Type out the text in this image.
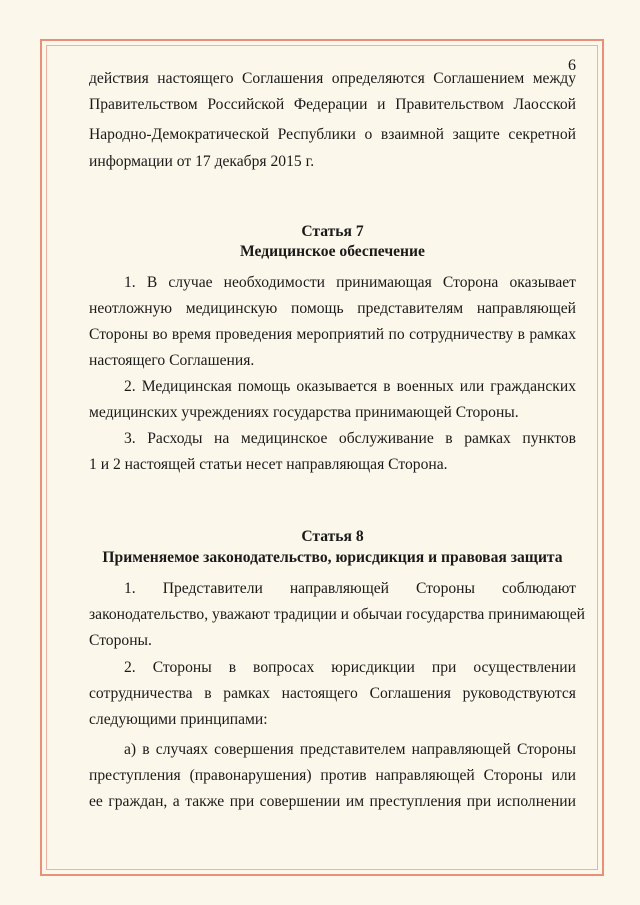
6
действия настоящего Соглашения определяются Соглашением между
Правительством Российской Федерации и Правительством Лаосской
Народно-Демократической Республики о взаимной защите секретной
информации от 17 декабря 2015 г.
Статья 7
Медицинское обеспечение
1. В случае необходимости принимающая Сторона оказывает
неотложную медицинскую помощь представителям направляющей
Стороны во время проведения мероприятий по сотрудничеству в рамках
настоящего Соглашения.
2. Медицинская помощь оказывается в военных или гражданских
медицинских учреждениях государства принимающей Стороны.
3. Расходы на медицинское обслуживание в рамках пунктов
1 и 2 настоящей статьи несет направляющая Сторона.
Статья 8
Применяемое законодательство, юрисдикция и правовая защита
1. Представители направляющей Стороны соблюдают
законодательство, уважают традиции и обычаи государства принимающей
Стороны.
2. Стороны в вопросах юрисдикции при осуществлении
сотрудничества в рамках настоящего Соглашения руководствуются
следующими принципами:
а) в случаях совершения представителем направляющей Стороны
преступления (правонарушения) против направляющей Стороны или
ее граждан, а также при совершении им преступления при исполнении
